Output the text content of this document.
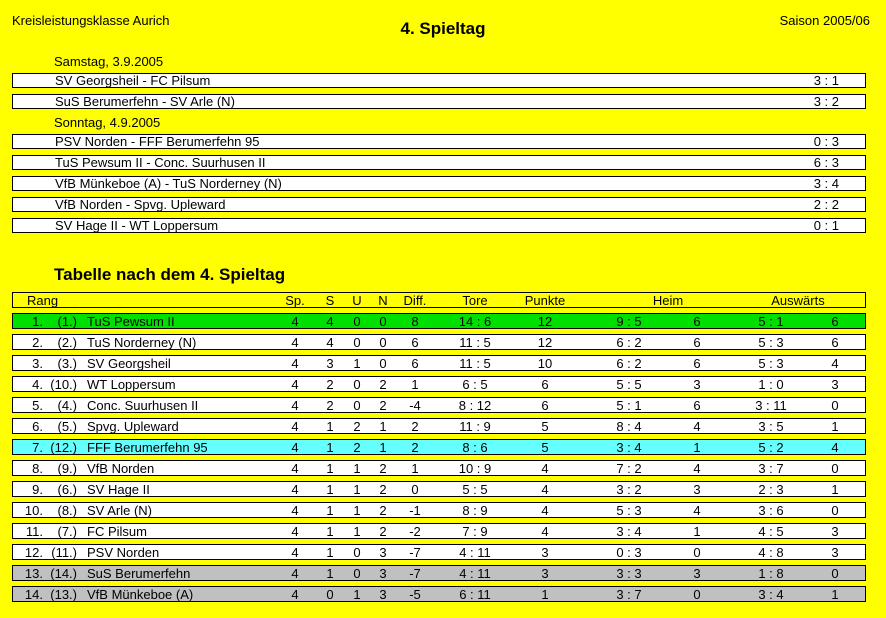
Kreisleistungsklasse Aurich	4. Spieltag	Saison 2005/06
Samstag, 3.9.2005
SV Georgsheil - FC Pilsum	3 : 1
SuS Berumerfehn - SV Arle (N)	3 : 2
Sonntag, 4.9.2005
PSV Norden - FFF Berumerfehn 95	0 : 3
TuS Pewsum II - Conc. Suurhusen II	6 : 3
VfB Münkeboe (A) - TuS Norderney (N)	3 : 4
VfB Norden - Spvg. Upleward	2 : 2
SV Hage II - WT Loppersum	0 : 1
Tabelle nach dem 4. Spieltag
Rang	Sp.	S U N	Diff.	Tore	Punkte	Heim	Auswärts
1.	(1.) TuS Pewsum II	4	4	0	0	8	14 : 6	12	9 : 5	6	5 : 1	6
2.	(2.) TuS Norderney (N)	4	4	0	0	6	11 : 5	12	6 : 2	6	5 : 3	6
3.	(3.) SV Georgsheil	4	3	1	0	6	11 : 5	10	6 : 2	6	5 : 3	4
4. (10.) WT Loppersum	4	2	0	2	1	6 : 5	6	5 : 5	3	1 : 0	3
5.	(4.) Conc. Suurhusen II	4	2	0	2	-4	8 : 12	6	5 : 1	6	3 : 11	0
6.	(5.) Spvg. Upleward	4	1	2	1	2	11 : 9	5	8 : 4	4	3 : 5	1
7. (12.) FFF Berumerfehn 95	4	1	2	1	2	8 : 6	5	3 : 4	1	5 : 2	4
8.	(9.) VfB Norden	4	1	1	2	1	10 : 9	4	7 : 2	4	3 : 7	0
9.	(6.) SV Hage II	4	1	1	2	0	5 : 5	4	3 : 2	3	2 : 3	1
10.	(8.) SV Arle (N)	4	1	1	2	-1	8 : 9	4	5 : 3	4	3 : 6	0
11.	(7.) FC Pilsum	4	1	1	2	-2	7 : 9	4	3 : 4	1	4 : 5	3
12. (11.) PSV Norden	4	1	0	3	-7	4 : 11	3	0 : 3	0	4 : 8	3
13. (14.) SuS Berumerfehn	4	1	0	3	-7	4 : 11	3	3 : 3	3	1 : 8	0
14. (13.) VfB Münkeboe (A)	4	0	1	3	-5	6 : 11	1	3 : 7	0	3 : 4	1
